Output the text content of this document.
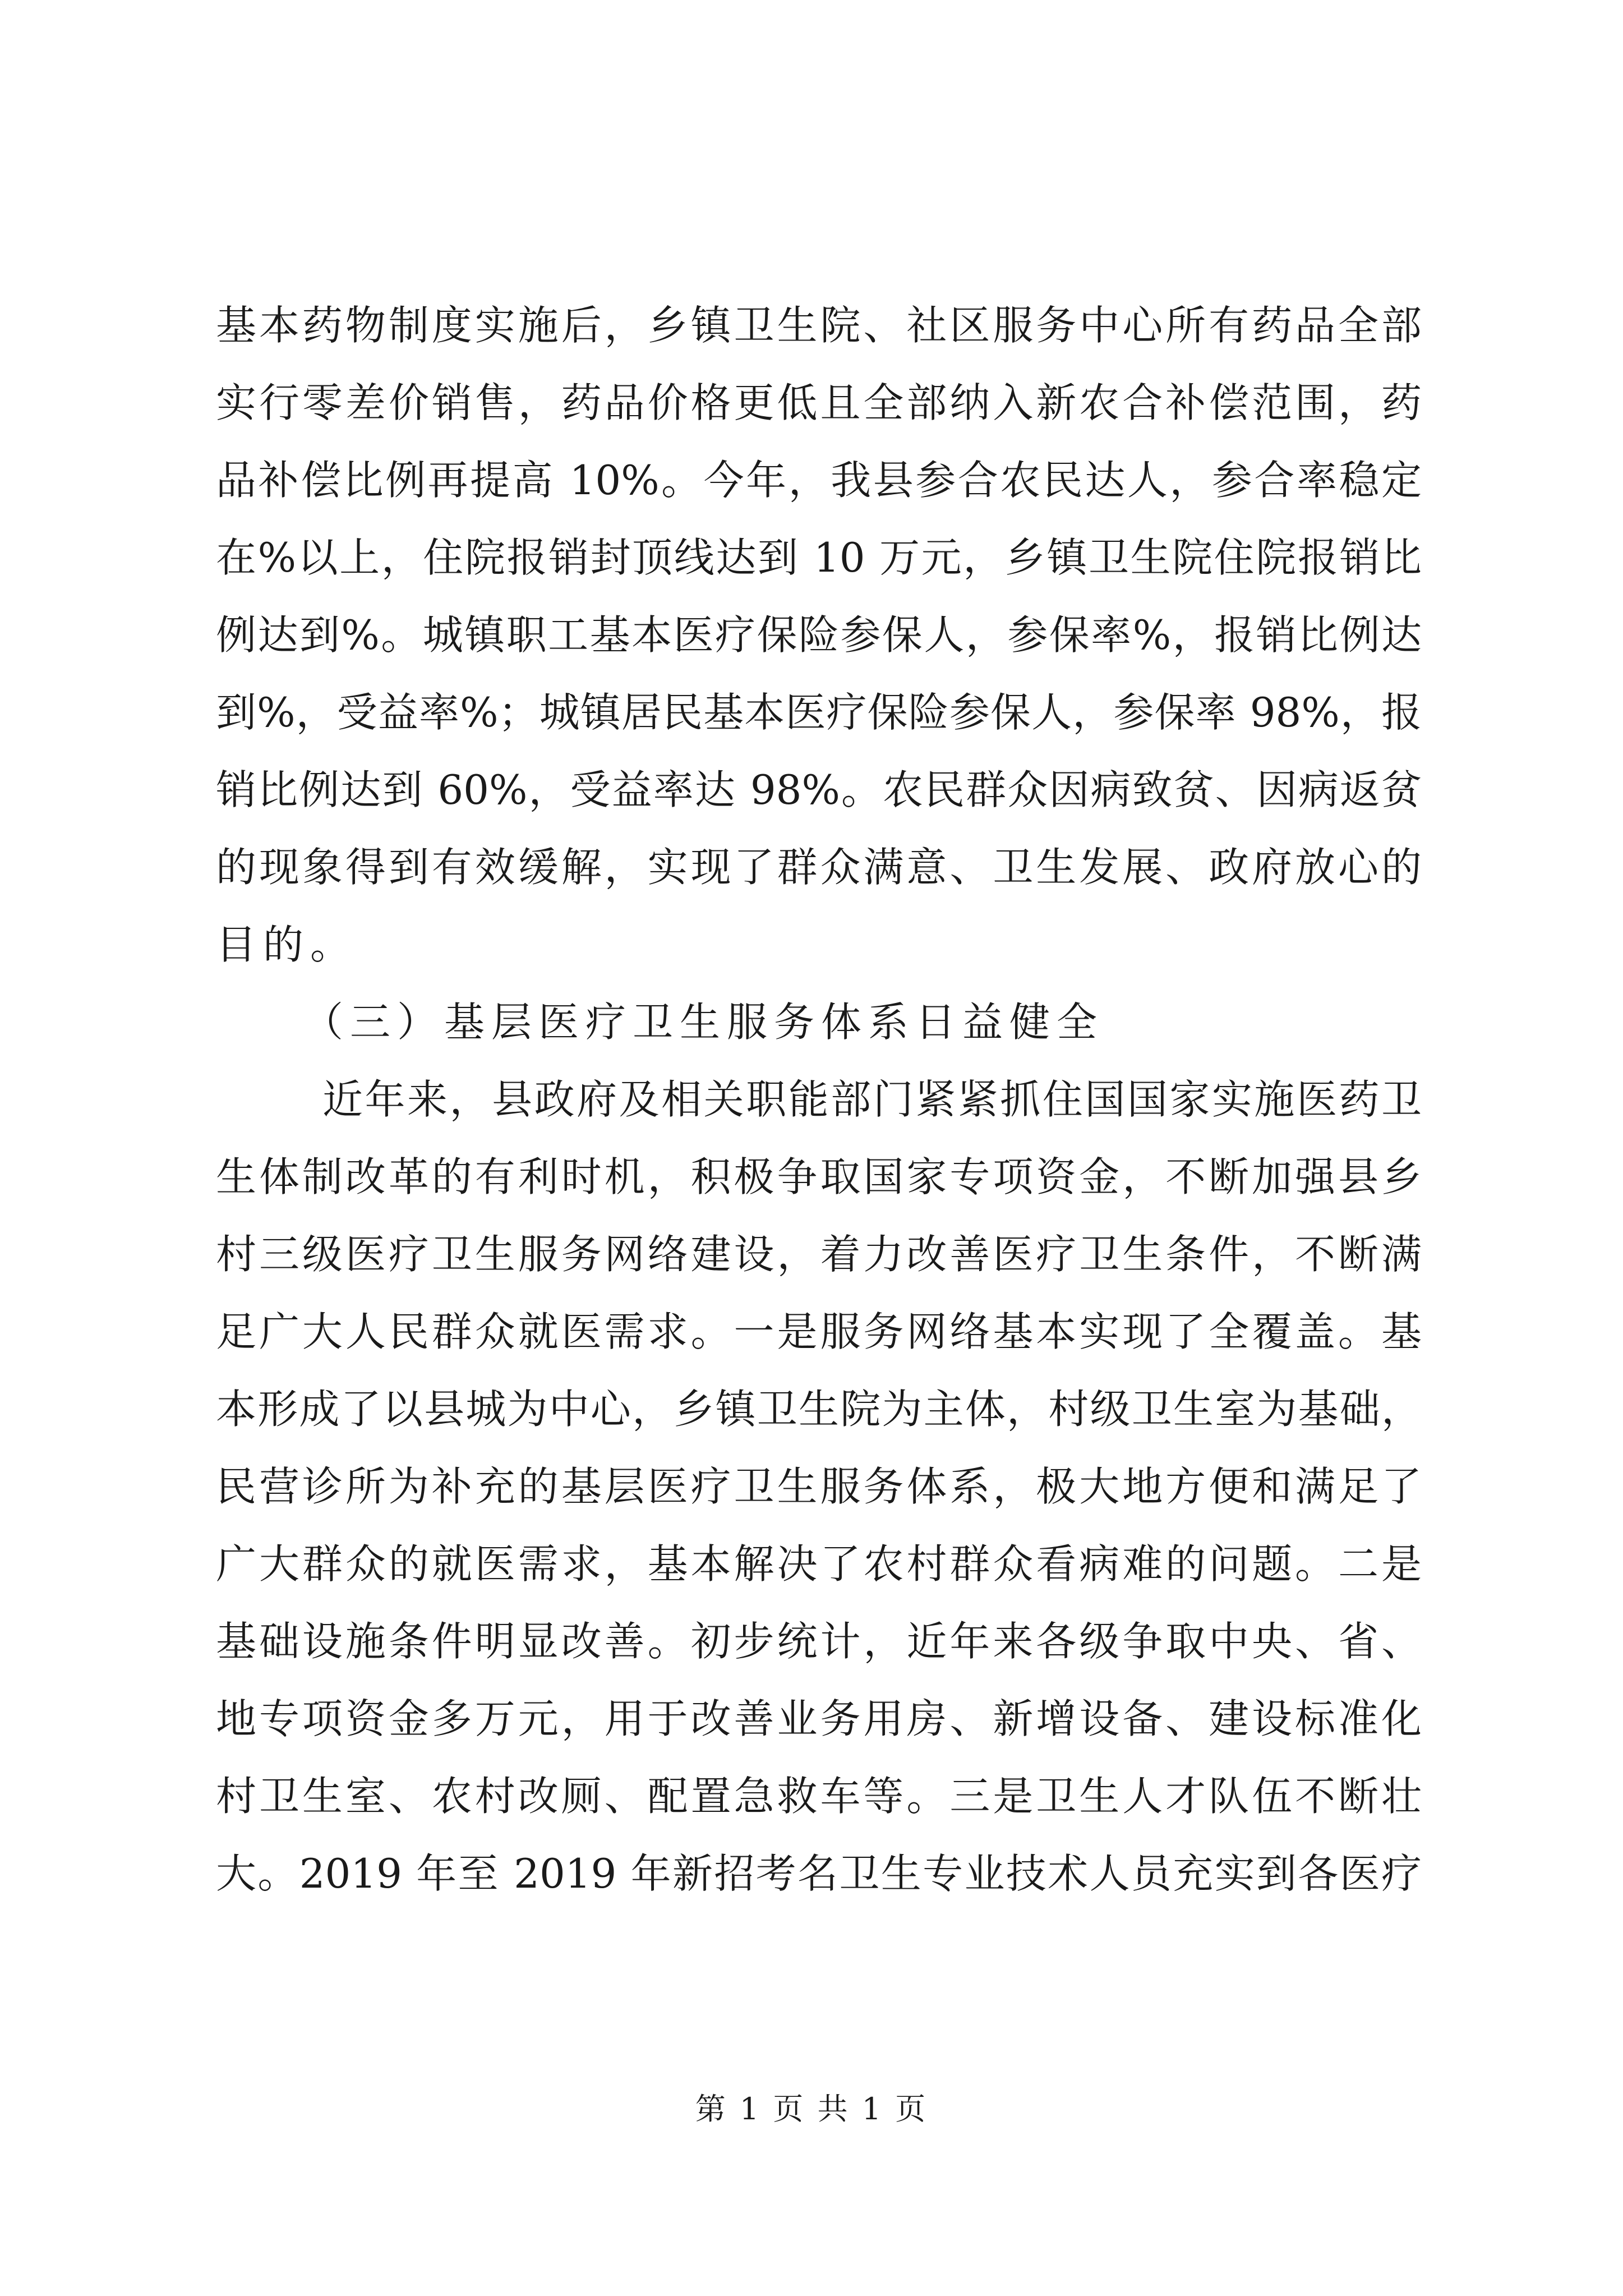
基本药物制度实施后，乡镇卫生院、社区服务中心所有药品全部
实行零差价销售，药品价格更低且全部纳入新农合补偿范围，药
品补偿比例再提高 10%。今年，我县参合农民达人，参合率稳定
在%以上，住院报销封顶线达到 10 万元，乡镇卫生院住院报销比
例达到%。城镇职工基本医疗保险参保人，参保率%，报销比例达
到%，受益率%；城镇居民基本医疗保险参保人，参保率 98%，报
销比例达到 60%，受益率达 98%。农民群众因病致贫、因病返贫
的现象得到有效缓解，实现了群众满意、卫生发展、政府放心的
目的。
（三）基层医疗卫生服务体系日益健全
近年来，县政府及相关职能部门紧紧抓住国国家实施医药卫
生体制改革的有利时机，积极争取国家专项资金，不断加强县乡
村三级医疗卫生服务网络建设，着力改善医疗卫生条件，不断满
足广大人民群众就医需求。一是服务网络基本实现了全覆盖。基
本形成了以县城为中心，乡镇卫生院为主体，村级卫生室为基础，
民营诊所为补充的基层医疗卫生服务体系，极大地方便和满足了
广大群众的就医需求，基本解决了农村群众看病难的问题。二是
基础设施条件明显改善。初步统计，近年来各级争取中央、省、
地专项资金多万元，用于改善业务用房、新增设备、建设标准化
村卫生室、农村改厕、配置急救车等。三是卫生人才队伍不断壮
大。2019 年至 2019 年新招考名卫生专业技术人员充实到各医疗
第 1 页 共 1 页
